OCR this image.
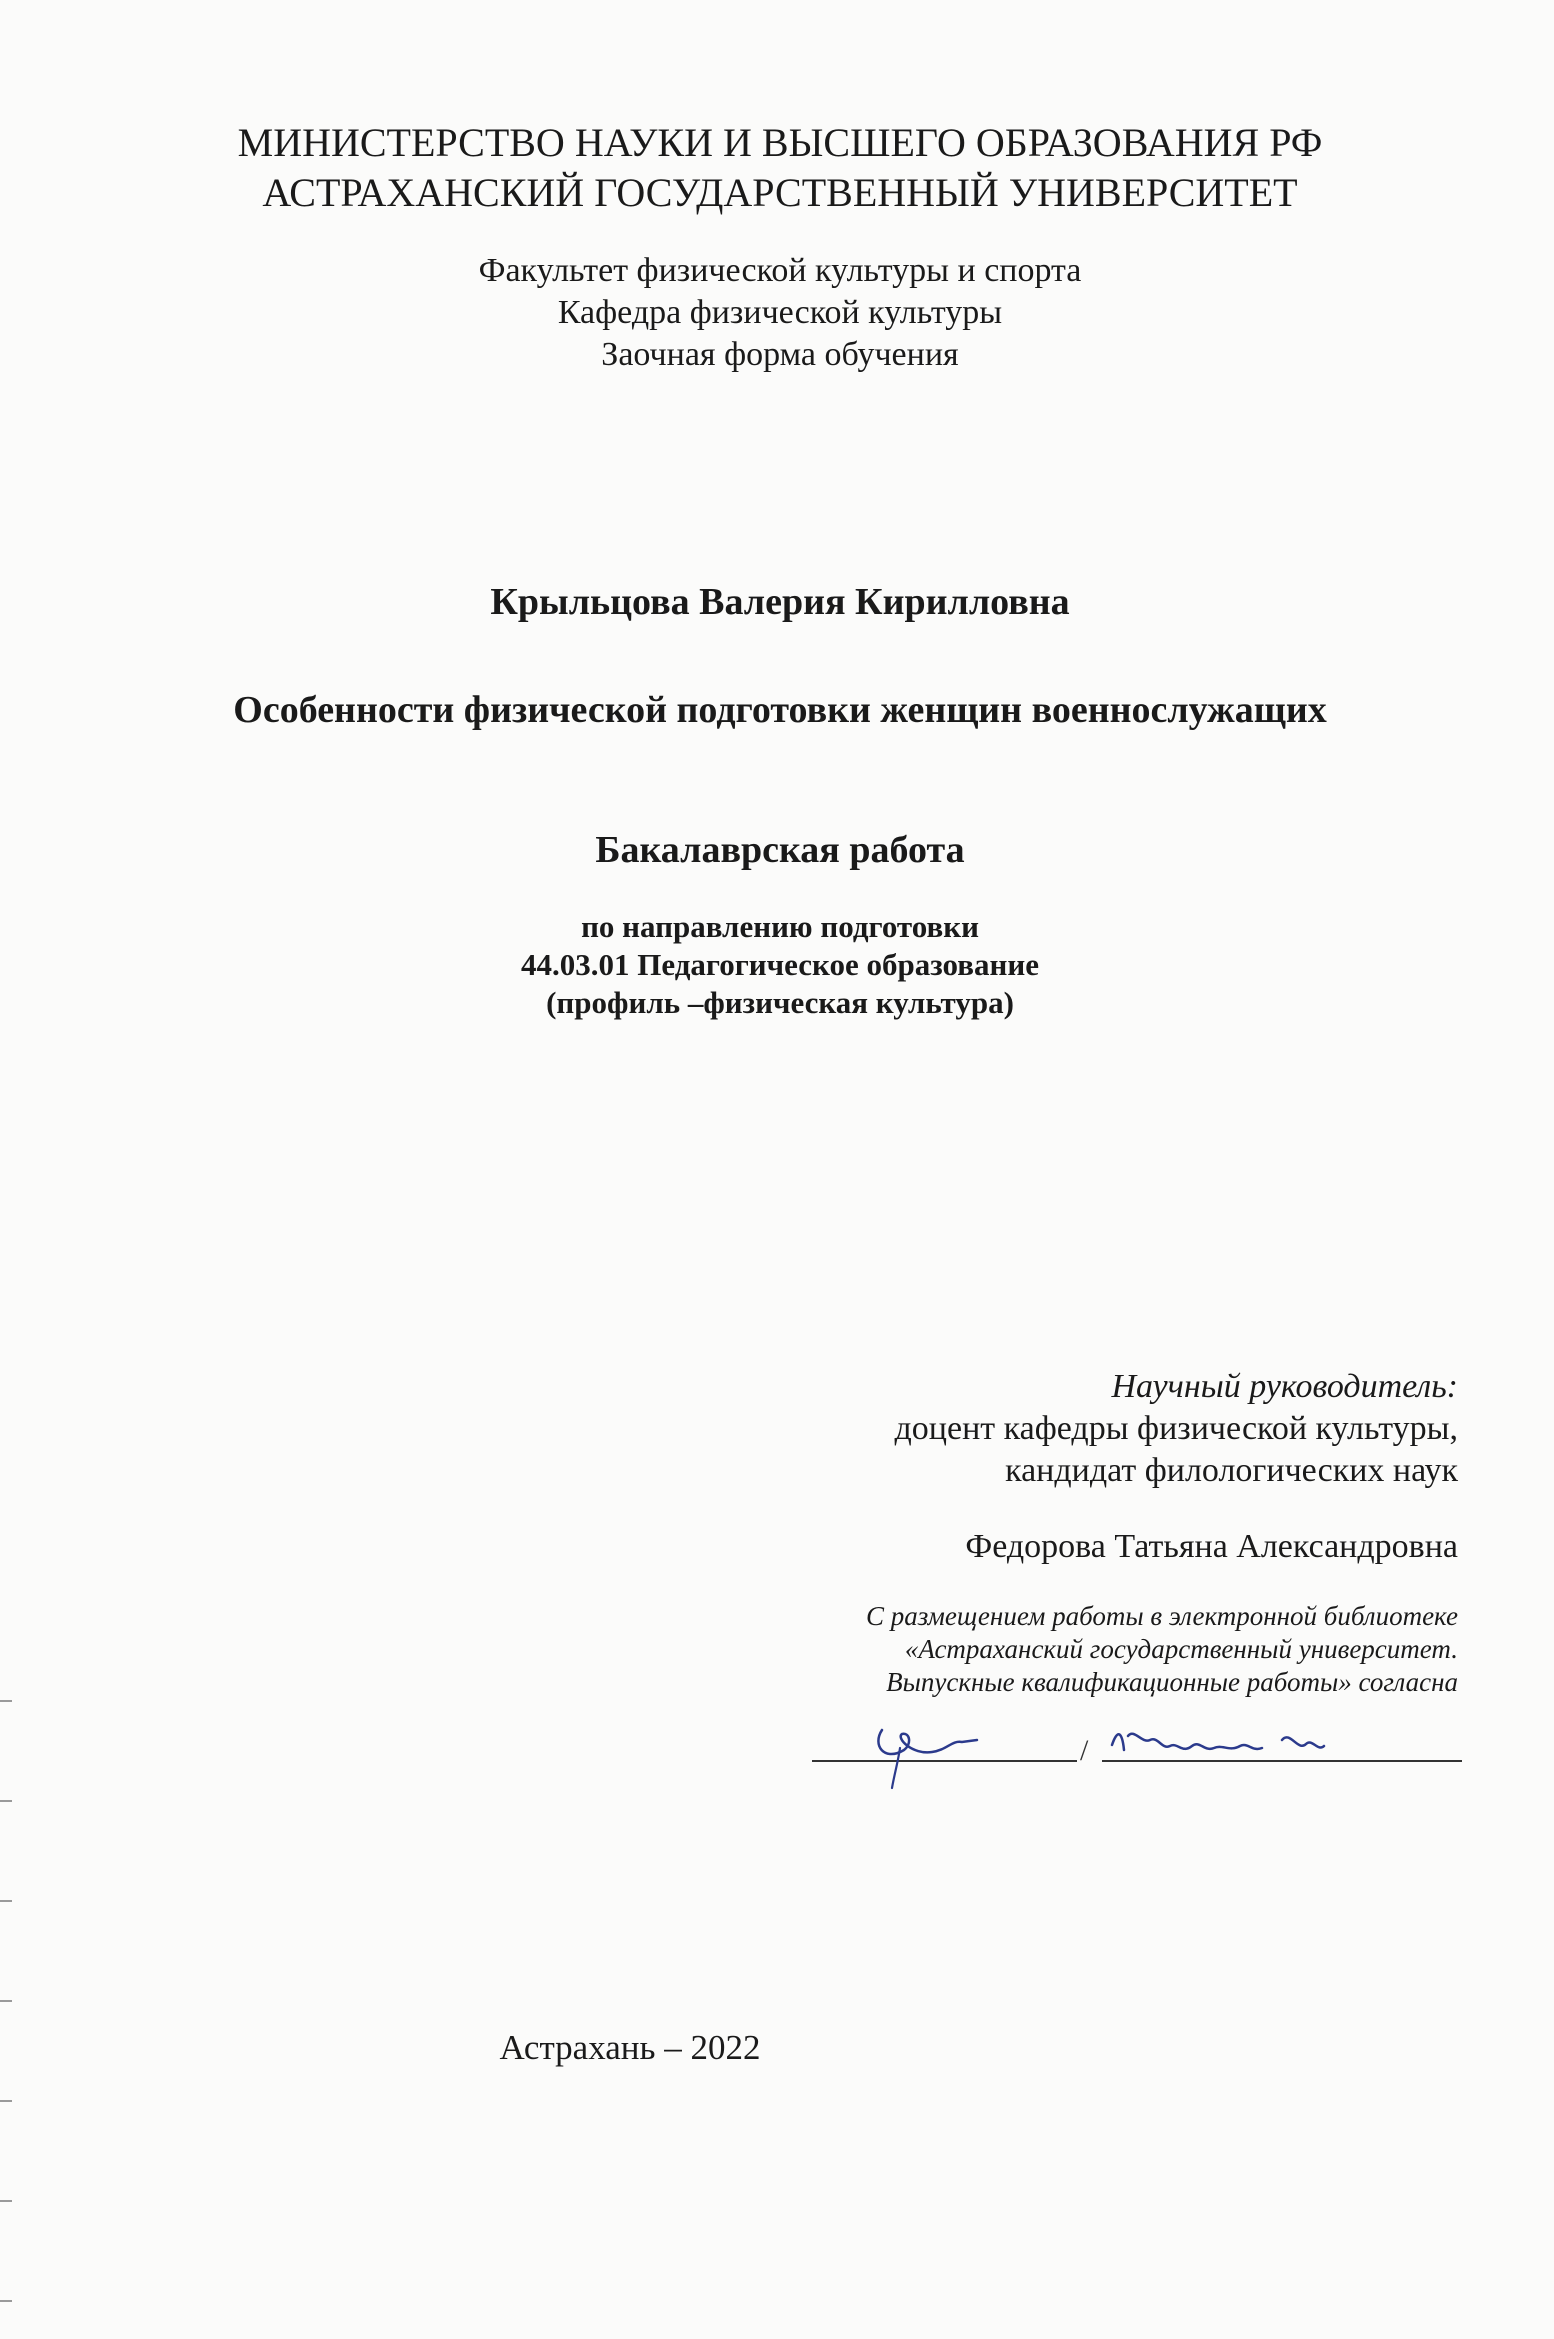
МИНИСТЕРСТВО НАУКИ И ВЫСШЕГО ОБРАЗОВАНИЯ РФ
АСТРАХАНСКИЙ ГОСУДАРСТВЕННЫЙ УНИВЕРСИТЕТ
Факультет физической культуры и спорта
Кафедра физической культуры
Заочная форма обучения
Крыльцова Валерия Кирилловна
Особенности физической подготовки женщин военнослужащих
Бакалаврская работа
по направлению подготовки
44.03.01 Педагогическое образование
(профиль –физическая культура)
Научный руководитель:
доцент кафедры физической культуры,
кандидат филологических наук
Федорова Татьяна Александровна
С размещением работы в электронной библиотеке
«Астраханский государственный университет.
Выпускные квалификационные работы» согласна
/
Астрахань – 2022
